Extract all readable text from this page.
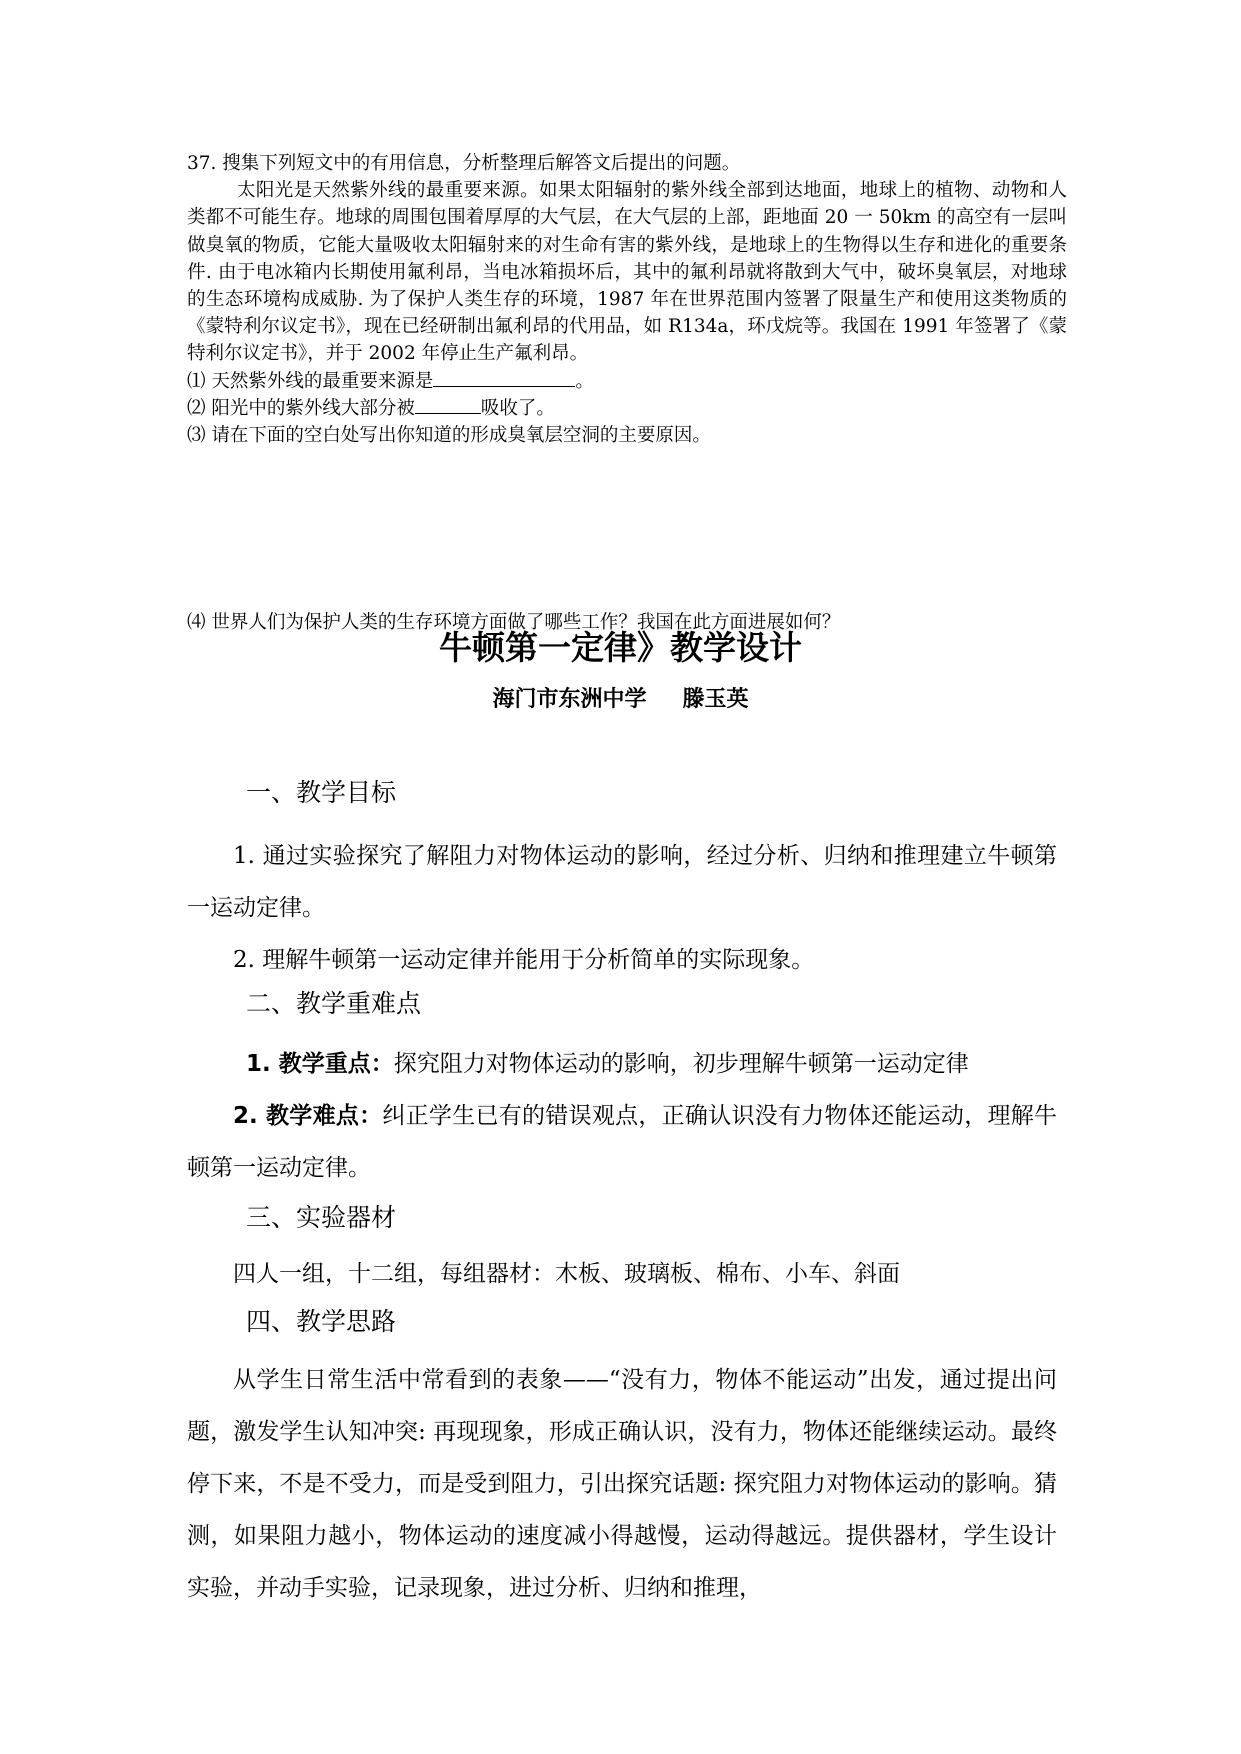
37. 搜集下列短文中的有用信息，分析整理后解答文后提出的问题。

太阳光是天然紫外线的最重要来源。如果太阳辐射的紫外线全部到达地面，地球上的植物、动物和人类都不可能生存。地球的周围包围着厚厚的大气层，在大气层的上部，距地面 20 一 50km 的高空有一层叫做臭氧的物质，它能大量吸收太阳辐射来的对生命有害的紫外线，是地球上的生物得以生存和进化的重要条件. 由于电冰箱内长期使用氟利昂，当电冰箱损坏后，其中的氟利昂就将散到大气中，破坏臭氧层，对地球的生态环境构成威胁. 为了保护人类生存的环境，1987 年在世界范围内签署了限量生产和使用这类物质的《蒙特利尔议定书》，现在已经研制出氟利昂的代用品，如 R134a，环戊烷等。我国在 1991 年签署了《蒙特利尔议定书》，并于 2002 年停止生产氟利昂。

⑴ 天然紫外线的最重要来源是	。

⑵ 阳光中的紫外线大部分被	吸收了。

⑶ 请在下面的空白处写出你知道的形成臭氧层空洞的主要原因。

⑷ 世界人们为保护人类的生存环境方面做了哪些工作？我国在此方面进展如何？

牛顿第一定律》教学设计
海门市东洲中学 滕玉英
一、教学目标

1. 通过实验探究了解阻力对物体运动的影响，经过分析、归纳和推理建立牛顿第一运动定律。

2. 理解牛顿第一运动定律并能用于分析简单的实际现象。

二、教学重难点

1. 教学重点：探究阻力对物体运动的影响，初步理解牛顿第一运动定律

2. 教学难点：纠正学生已有的错误观点，正确认识没有力物体还能运动，理解牛顿第一运动定律。

三、实验器材

四人一组，十二组，每组器材：木板、玻璃板、棉布、小车、斜面

四、教学思路

从学生日常生活中常看到的表象——“没有力，物体不能运动”出发，通过提出问题，激发学生认知冲突: 再现现象，形成正确认识，没有力，物体还能继续运动。最终停下来，不是不受力，而是受到阻力，引出探究话题: 探究阻力对物体运动的影响。猜测，如果阻力越小，物体运动的速度减小得越慢，运动得越远。提供器材，学生设计实验，并动手实验，记录现象，进过分析、归纳和推理，
